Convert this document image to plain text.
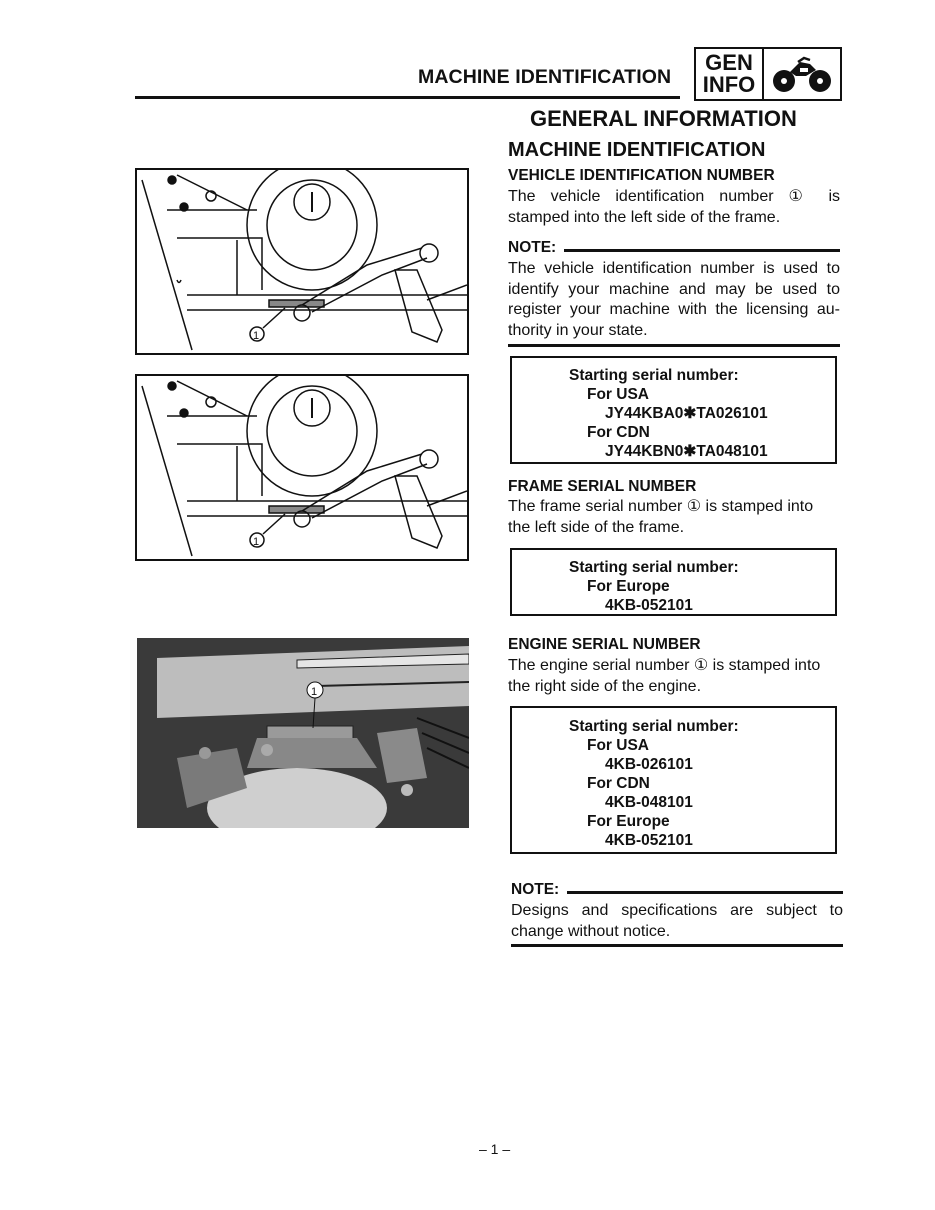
MACHINE IDENTIFICATION
GEN
INFO
GENERAL INFORMATION
MACHINE IDENTIFICATION
VEHICLE IDENTIFICATION NUMBER
The vehicle identification number ① is
stamped into the left side of the frame.
NOTE:
The vehicle identification number is used to
identify your machine and may be used to
register your machine with the licensing au-
thority in your state.
Starting serial number:
For USA
JY44KBA0✱TA026101
For CDN
JY44KBN0✱TA048101
FRAME SERIAL NUMBER
The frame serial number ① is stamped into
the left side of the frame.
Starting serial number:
For Europe
4KB-052101
ENGINE SERIAL NUMBER
The engine serial number ① is stamped into
the right side of the engine.
Starting serial number:
For USA
4KB-026101
For CDN
4KB-048101
For Europe
4KB-052101
NOTE:
Designs and specifications are subject to
change without notice.
1
1
1
– 1 –
